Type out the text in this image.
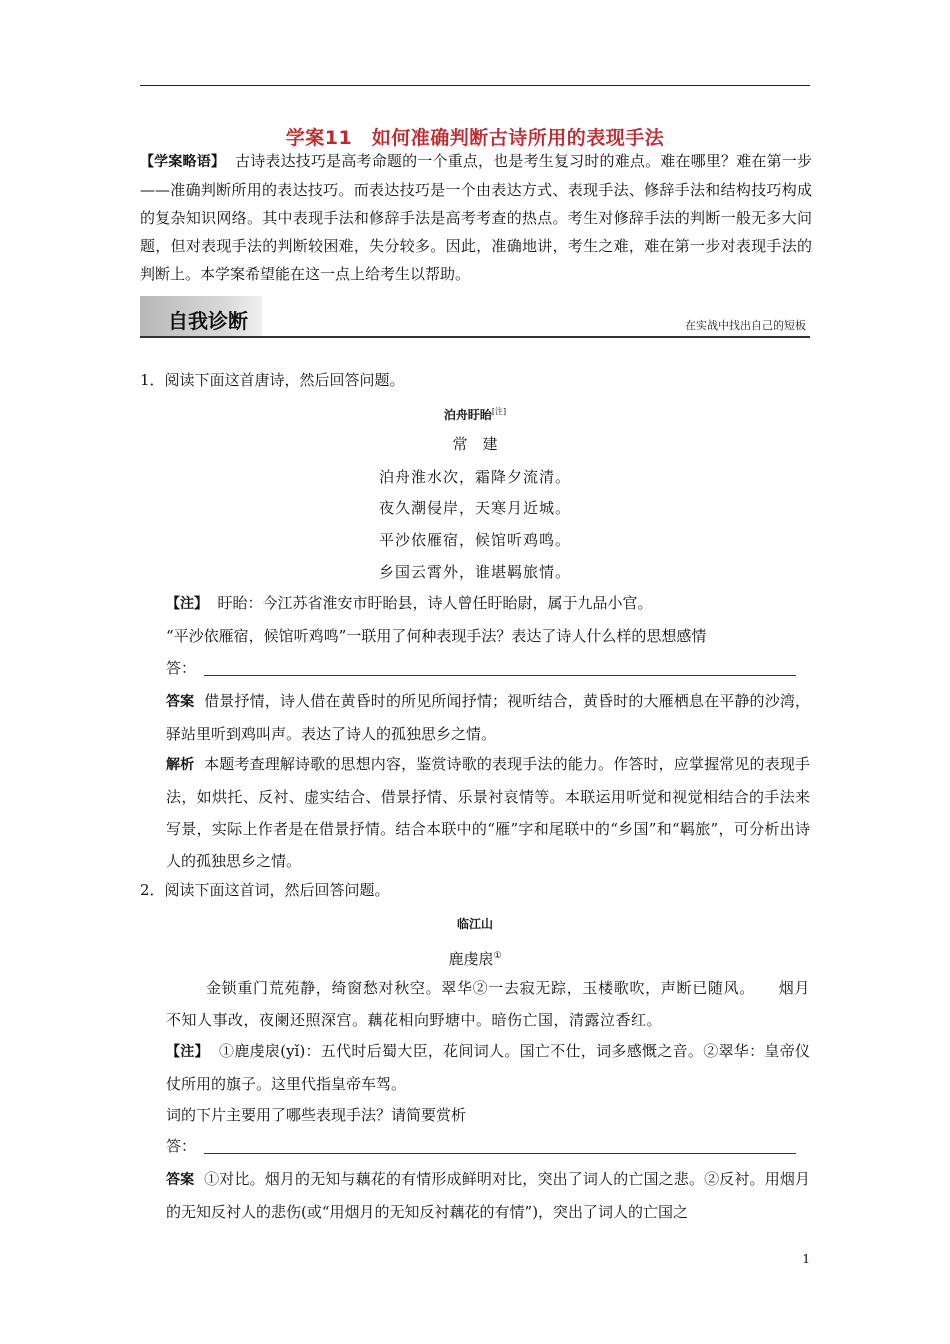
学案11　如何准确判断古诗所用的表现手法
【学案略语】 古诗表达技巧是高考命题的一个重点，也是考生复习时的难点。难在哪里？难在第一步——准确判断所用的表达技巧。而表达技巧是一个由表达方式、表现手法、修辞手法和结构技巧构成的复杂知识网络。其中表现手法和修辞手法是高考考查的热点。考生对修辞手法的判断一般无多大问题，但对表现手法的判断较困难，失分较多。因此，准确地讲，考生之难，难在第一步对表现手法的判断上。本学案希望能在这一点上给考生以帮助。
自我诊断	在实战中找出自己的短板
1．阅读下面这首唐诗，然后回答问题。
泊舟盱眙[注]
常　建
泊舟淮水次，霜降夕流清。
夜久潮侵岸，天寒月近城。
平沙依雁宿，候馆听鸡鸣。
乡国云霄外，谁堪羁旅情。
【注】 盱眙：今江苏省淮安市盱眙县，诗人曾任盱眙尉，属于九品小官。
“平沙依雁宿，候馆听鸡鸣”一联用了何种表现手法？表达了诗人什么样的思想感情
答：
答案 借景抒情，诗人借在黄昏时的所见所闻抒情；视听结合，黄昏时的大雁栖息在平静的沙湾，驿站里听到鸡叫声。表达了诗人的孤独思乡之情。
解析 本题考查理解诗歌的思想内容，鉴赏诗歌的表现手法的能力。作答时，应掌握常见的表现手法，如烘托、反衬、虚实结合、借景抒情、乐景衬哀情等。本联运用听觉和视觉相结合的手法来写景，实际上作者是在借景抒情。结合本联中的“雁”字和尾联中的“乡国”和“羁旅”，可分析出诗人的孤独思乡之情。
2．阅读下面这首词，然后回答问题。
临江山
鹿虔扆①
金锁重门荒苑静，绮窗愁对秋空。翠华②一去寂无踪，玉楼歌吹，声断已随风。　　烟月不知人事改，夜阑还照深宫。藕花相向野塘中。暗伤亡国，清露泣香红。
【注】 ①鹿虔扆(yǐ)：五代时后蜀大臣，花间词人。国亡不仕，词多感慨之音。②翠华：皇帝仪仗所用的旗子。这里代指皇帝车驾。
词的下片主要用了哪些表现手法？请简要赏析
答：
答案 ①对比。烟月的无知与藕花的有情形成鲜明对比，突出了词人的亡国之悲。②反衬。用烟月的无知反衬人的悲伤(或“用烟月的无知反衬藕花的有情”)，突出了词人的亡国之
1
